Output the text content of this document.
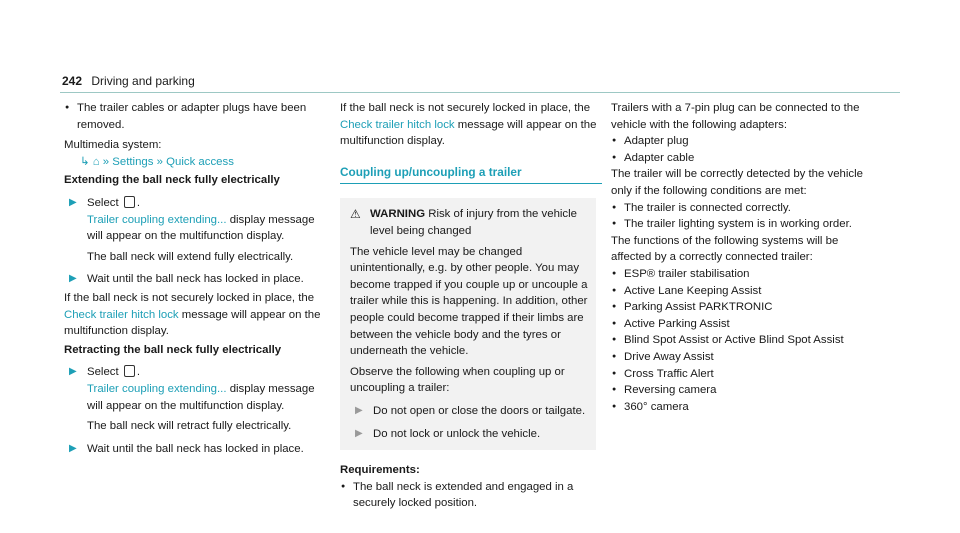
242 Driving and parking

● The trailer cables or adapter plugs have been removed.

Multimedia system:

↳ ⌂ » Settings » Quick access

Extending the ball neck fully electrically

▶ Select .
Trailer coupling extending... display message will appear on the multifunction display.

The ball neck will extend fully electrically.

▶ Wait until the ball neck has locked in place.

If the ball neck is not securely locked in place, the Check trailer hitch lock message will appear on the multifunction display.

Retracting the ball neck fully electrically

▶ Select .
Trailer coupling extending... display message will appear on the multifunction display.

The ball neck will retract fully electrically.

▶ Wait until the ball neck has locked in place.

If the ball neck is not securely locked in place, the Check trailer hitch lock message will appear on the multifunction display.

Coupling up/uncoupling a trailer

⚠ WARNING Risk of injury from the vehicle level being changed

The vehicle level may be changed unintentionally, e.g. by other people. You may become trapped if you couple up or uncouple a trailer while this is happening. In addition, other people could become trapped if their limbs are between the vehicle body and the tyres or underneath the vehicle.

Observe the following when coupling up or uncoupling a trailer:

▶ Do not open or close the doors or tailgate.
▶ Do not lock or unlock the vehicle.

Requirements:

● The ball neck is extended and engaged in a securely locked position.

Trailers with a 7-pin plug can be connected to the vehicle with the following adapters:

● Adapter plug

● Adapter cable

The trailer will be correctly detected by the vehicle only if the following conditions are met:

● The trailer is connected correctly.

● The trailer lighting system is in working order.

The functions of the following systems will be affected by a correctly connected trailer:

● ESP® trailer stabilisation

● Active Lane Keeping Assist

● Parking Assist PARKTRONIC

● Active Parking Assist

● Blind Spot Assist or Active Blind Spot Assist

● Drive Away Assist

● Cross Traffic Alert

● Reversing camera

● 360° camera
